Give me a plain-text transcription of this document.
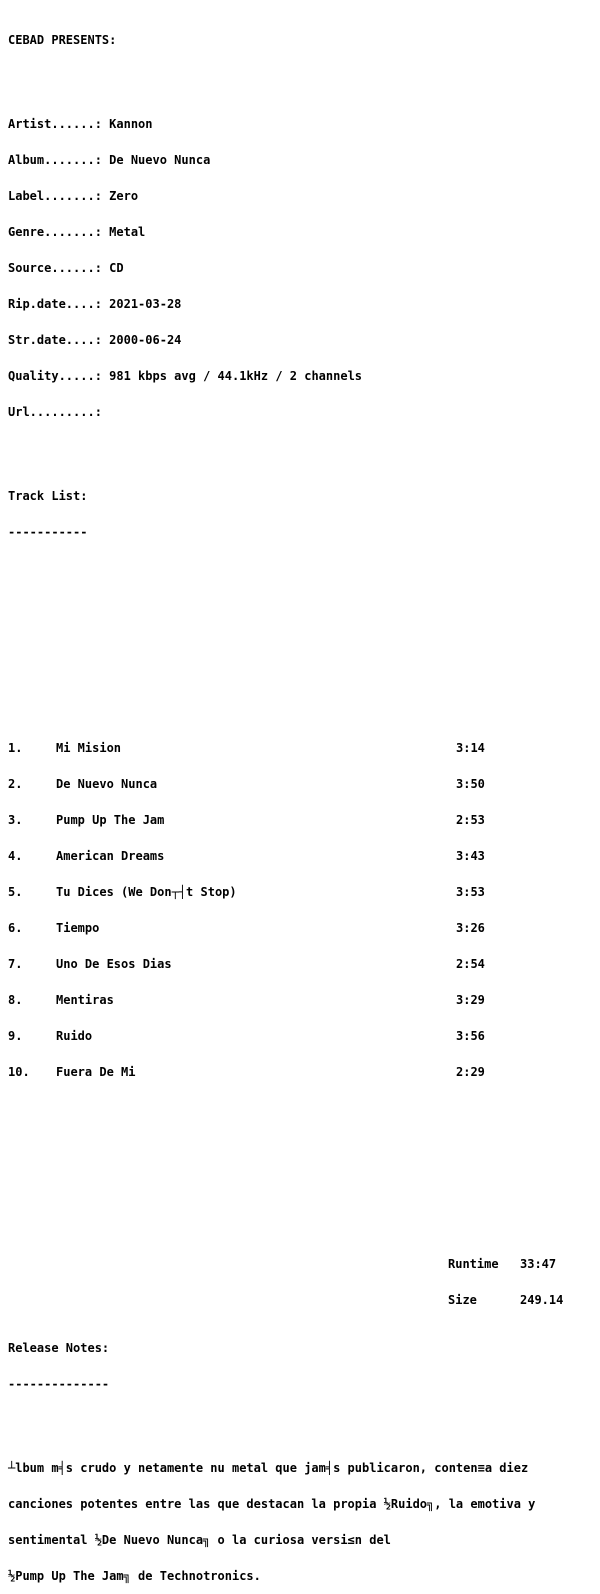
CEBAD PRESENTS:

Artist......: Kannon

Album.......: De Nuevo Nunca

Label.......: Zero

Genre.......: Metal

Source......: CD

Rip.date....: 2021-03-28

Str.date....: 2000-06-24

Quality.....: 981 kbps avg / 44.1kHz / 2 channels

Url.........:

Track List:

-----------

1.	Mi Mision	3:14

2.	De Nuevo Nunca	3:50

3.	Pump Up The Jam	2:53

4.	American Dreams	3:43

5.	Tu Dices (We Don┬┤t Stop)	3:53

6.	Tiempo	3:26

7.	Uno De Esos Dias	2:54

8.	Mentiras	3:29

9.	Ruido	3:56

10. Fuera De Mi	2:29

Runtime 33:47

Size	249.14

Release Notes:

--------------

┴lbum m╡s crudo y netamente nu metal que jam╡s publicaron, conten≡a diez

canciones potentes entre las que destacan la propia ½Ruido╗, la emotiva y

sentimental ½De Nuevo Nunca╗ o la curiosa versi≤n del

½Pump Up The Jam╗ de Technotronics.
